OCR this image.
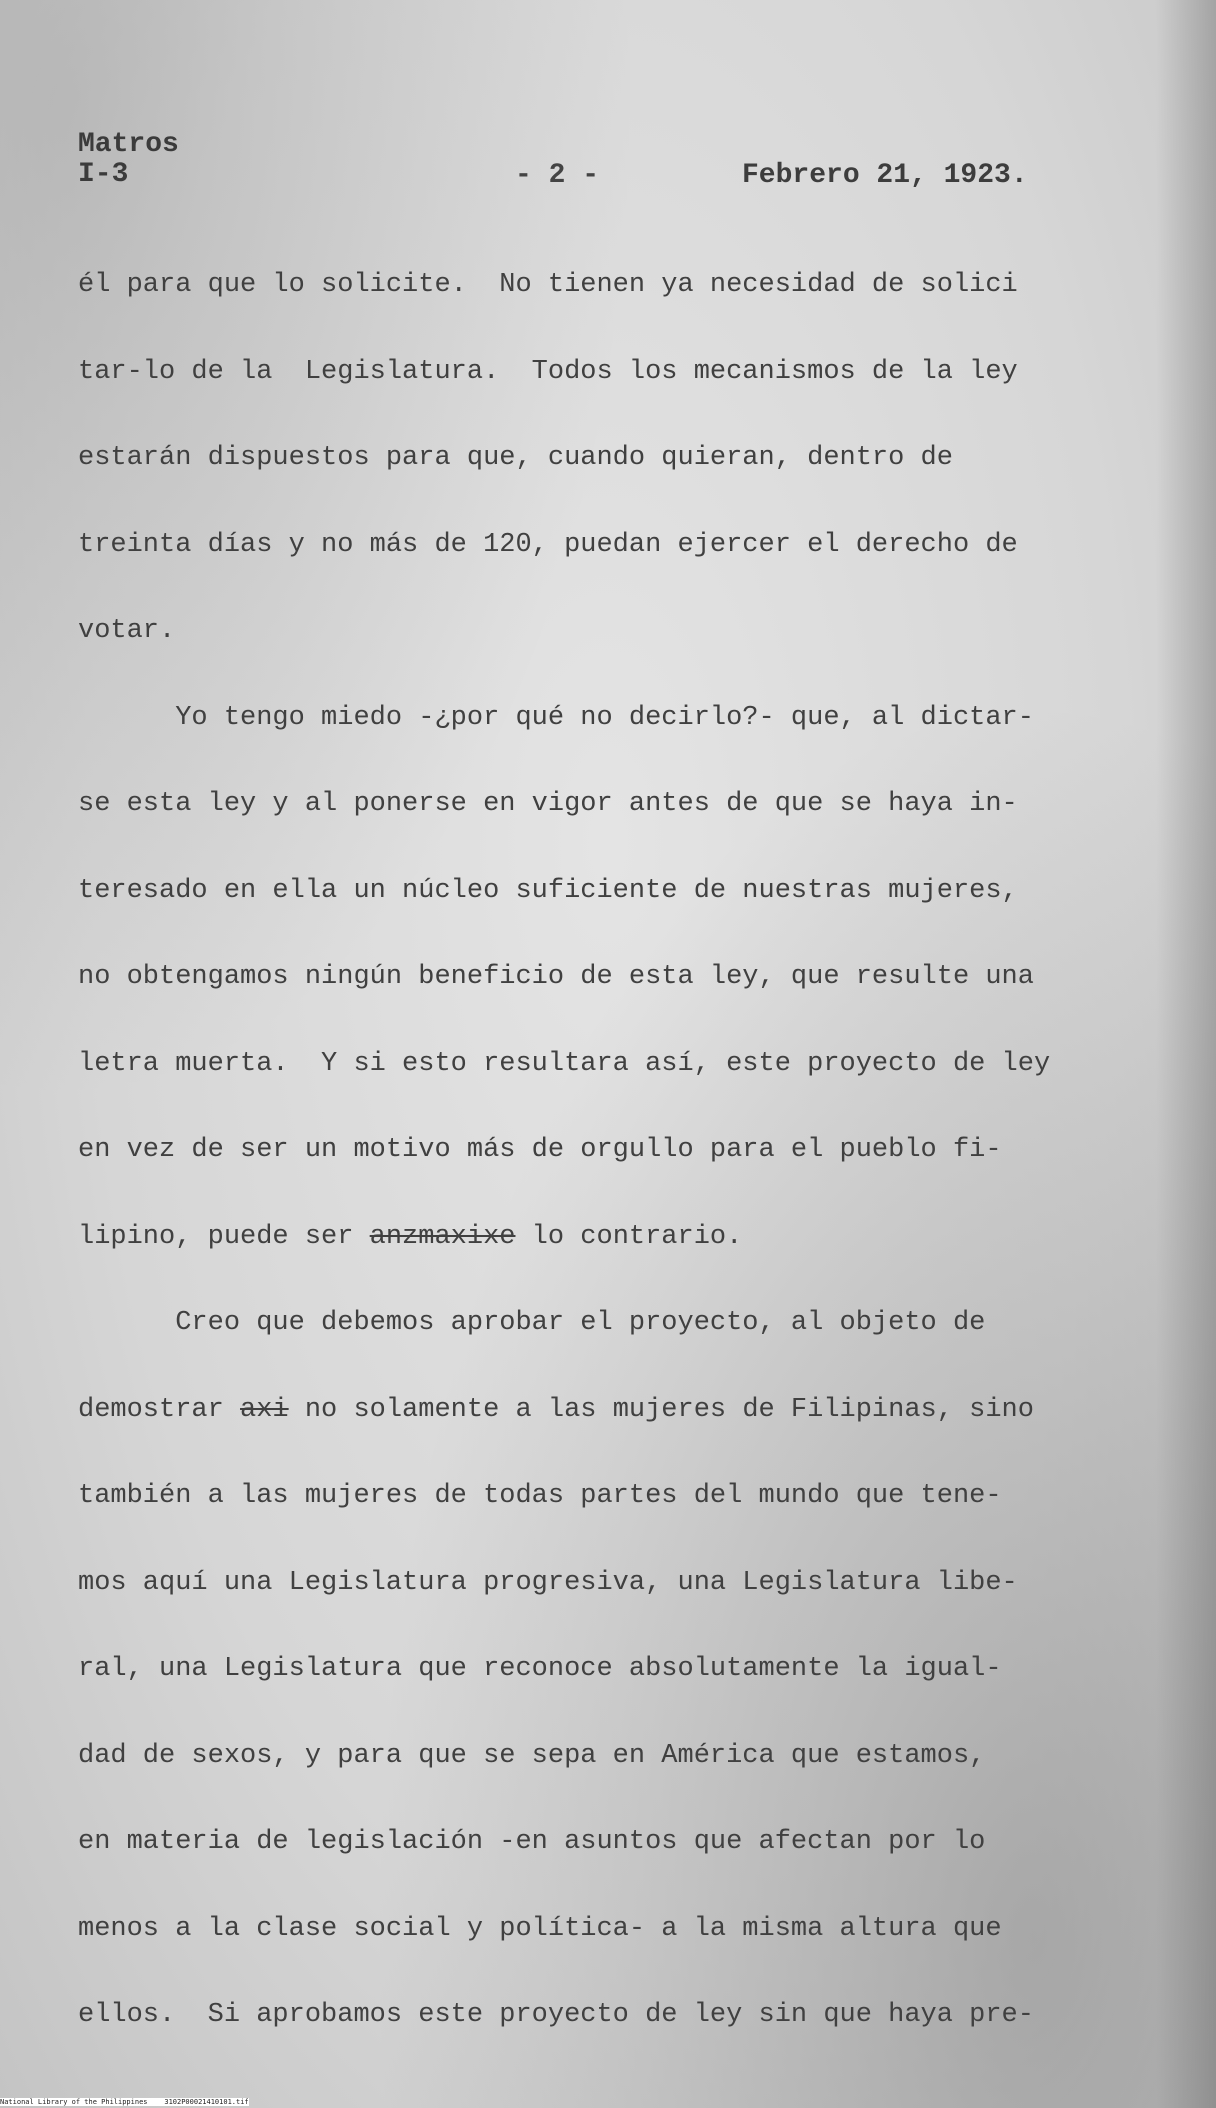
Matros
I-3	- 2 -	Febrero 21, 1923.
él para que lo solicite.  No tienen ya necesidad de solici
tar-lo de la  Legislatura.  Todos los mecanismos de la ley
estarán dispuestos para que, cuando quieran, dentro de
treinta días y no más de 120, puedan ejercer el derecho de
votar.
Yo tengo miedo -¿por qué no decirlo?- que, al dictar-
se esta ley y al ponerse en vigor antes de que se haya in-
teresado en ella un núcleo suficiente de nuestras mujeres,
no obtengamos ningún beneficio de esta ley, que resulte una
letra muerta.  Y si esto resultara así, este proyecto de ley
en vez de ser un motivo más de orgullo para el pueblo fi-
lipino, puede ser anzmaxixe lo contrario.
Creo que debemos aprobar el proyecto, al objeto de
demostrar axi no solamente a las mujeres de Filipinas, sino
también a las mujeres de todas partes del mundo que tene-
mos aquí una Legislatura progresiva, una Legislatura libe-
ral, una Legislatura que reconoce absolutamente la igual-
dad de sexos, y para que se sepa en América que estamos,
en materia de legislación -en asuntos que afectan por lo
menos a la clase social y política- a la misma altura que
ellos.  Si aprobamos este proyecto de ley sin que haya pre-
National Library of the Philippines    3102P00021410101.tif
